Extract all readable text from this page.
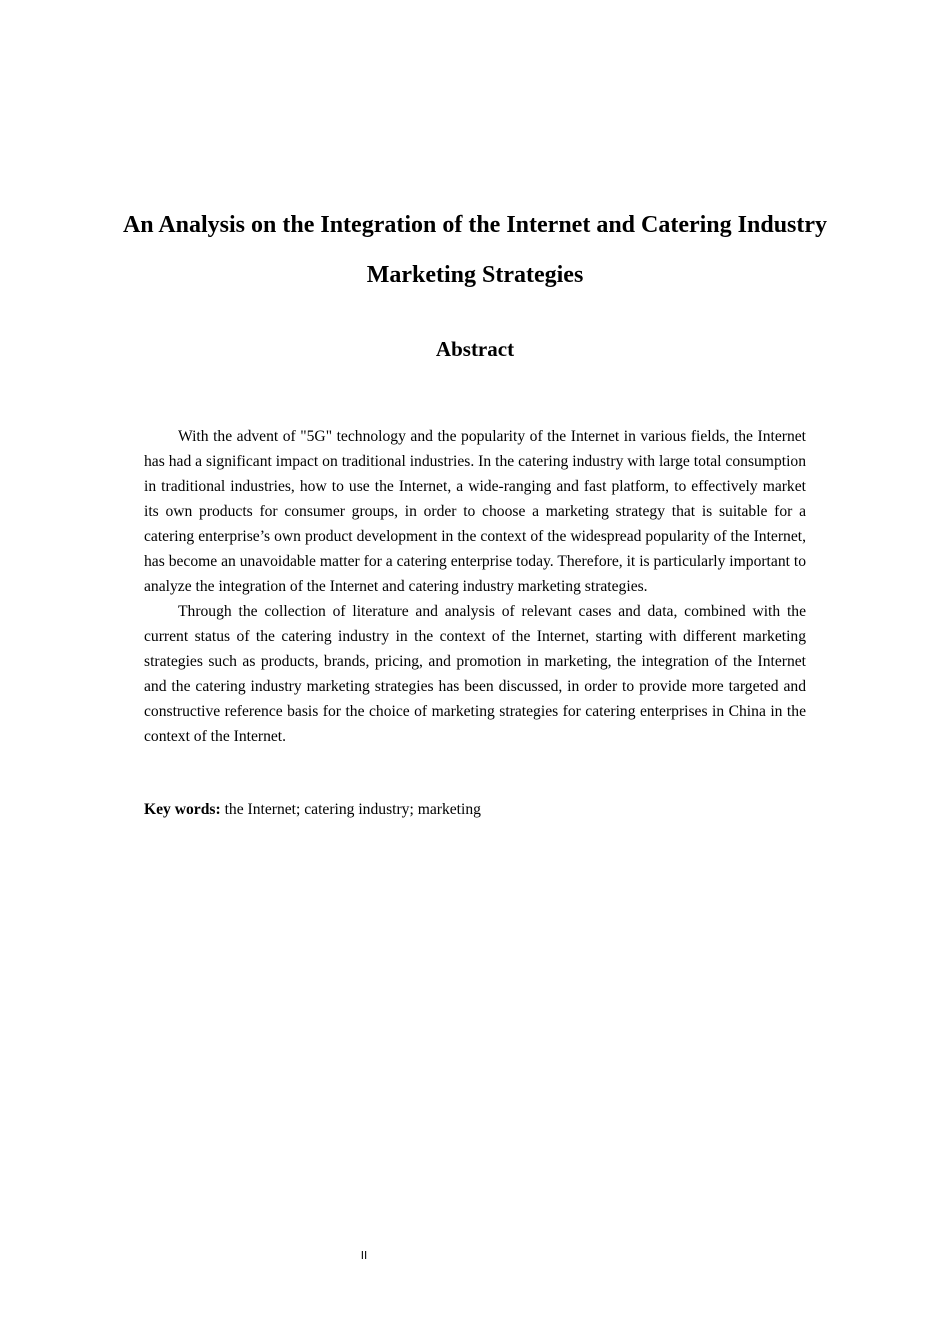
An Analysis on the Integration of the Internet and Catering Industry Marketing Strategies
Abstract

With the advent of "5G" technology and the popularity of the Internet in various fields, the Internet has had a significant impact on traditional industries. In the catering industry with large total consumption in traditional industries, how to use the Internet, a wide-ranging and fast platform, to effectively market its own products for consumer groups, in order to choose a marketing strategy that is suitable for a catering enterprise’s own product development in the context of the widespread popularity of the Internet, has become an unavoidable matter for a catering enterprise today. Therefore, it is particularly important to analyze the integration of the Internet and catering industry marketing strategies.

Through the collection of literature and analysis of relevant cases and data, combined with the current status of the catering industry in the context of the Internet, starting with different marketing strategies such as products, brands, pricing, and promotion in marketing, the integration of the Internet and the catering industry marketing strategies has been discussed, in order to provide more targeted and constructive reference basis for the choice of marketing strategies for catering enterprises in China in the context of the Internet.

Key words: the Internet; catering industry; marketing

II
